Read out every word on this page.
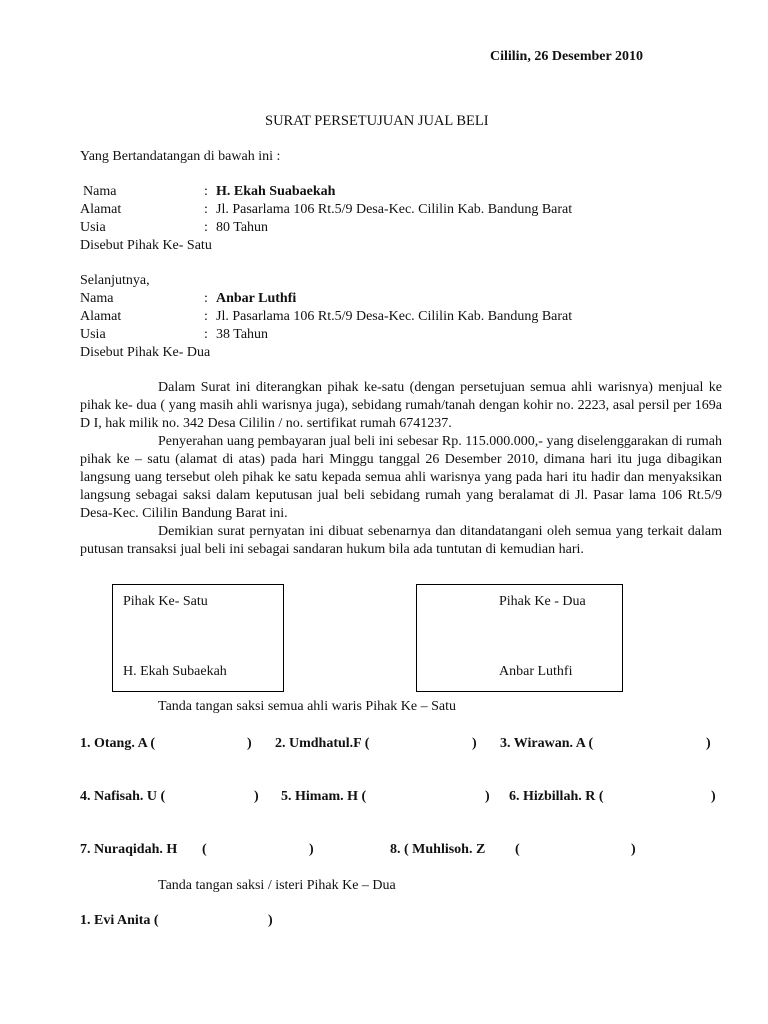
Cililin, 26 Desember 2010
SURAT PERSETUJUAN JUAL BELI
Yang Bertandatangan di bawah ini :
Nama	: H. Ekah Suabaekah
Alamat	: Jl. Pasarlama 106 Rt.5/9 Desa-Kec. Cililin Kab. Bandung Barat
Usia	: 80 Tahun
Disebut Pihak Ke- Satu
Selanjutnya,
Nama	: Anbar Luthfi
Alamat	: Jl. Pasarlama 106 Rt.5/9 Desa-Kec. Cililin Kab. Bandung Barat
Usia	: 38 Tahun
Disebut Pihak Ke- Dua

Dalam Surat ini diterangkan pihak ke-satu (dengan persetujuan semua ahli warisnya) menjual ke pihak ke- dua ( yang masih ahli warisnya juga), sebidang rumah/tanah dengan kohir no. 2223, asal persil per 169a D I, hak milik no. 342 Desa Cililin / no. sertifikat rumah 6741237.

Penyerahan uang pembayaran jual beli ini sebesar Rp. 115.000.000,- yang diselenggarakan di rumah pihak ke – satu (alamat di atas) pada hari Minggu tanggal 26 Desember 2010, dimana hari itu juga dibagikan langsung uang tersebut oleh pihak ke satu kepada semua ahli warisnya yang pada hari itu hadir dan menyaksikan langsung sebagai saksi dalam keputusan jual beli sebidang rumah yang beralamat di Jl. Pasar lama 106 Rt.5/9 Desa-Kec. Cililin Bandung Barat ini.

Demikian surat pernyatan ini dibuat sebenarnya dan ditandatangani oleh semua yang terkait dalam putusan transaksi jual beli ini sebagai sandaran hukum bila ada tuntutan di kemudian hari.

Pihak Ke- Satu
H. Ekah Subaekah
Pihak Ke - Dua
Anbar Luthfi
Tanda tangan saksi semua ahli waris Pihak Ke – Satu
1. Otang. A (	) 2. Umdhatul.F (	) 3. Wirawan. A (	)
4. Nafisah. U (	) 5. Himam. H (	) 6. Hizbillah. R (	)
7. Nuraqidah. H (	)	8. ( Muhlisoh. Z (	)
Tanda tangan saksi / isteri Pihak Ke – Dua
1. Evi Anita (	)
